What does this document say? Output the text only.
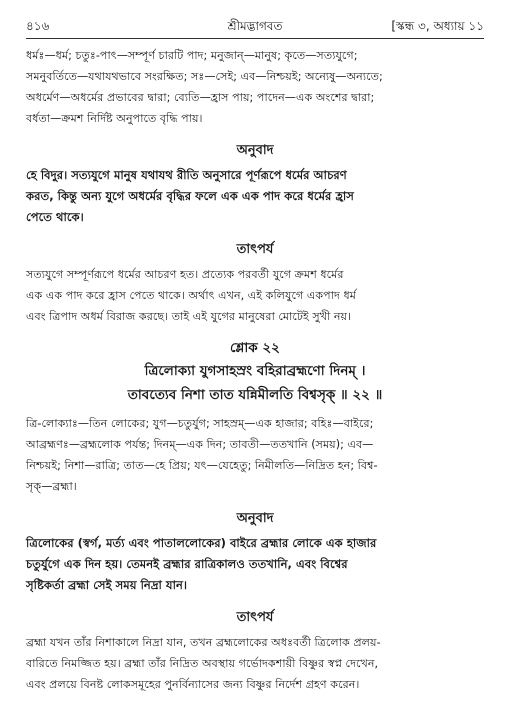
৪১৬	শ্রীমদ্ভাগবত	[স্কন্ধ ৩, অধ্যায় ১১

ধর্মঃ—ধর্ম; চতুঃ-পাৎ—সম্পূর্ণ চারটি পাদ; মনুজান্—মানুষ; কৃতে—সত্যযুগে;

সমনুবর্তিতে—যথাযথভাবে সংরক্ষিত; সঃ—সেই; এব—নিশ্চয়ই; অন্যেষু—অন্যতে;

অধর্মেণ—অধর্মের প্রভাবের দ্বারা; ব্যেতি—হ্রাস পায়; পাদেন—এক অংশের দ্বারা;

বর্ধতা—ক্রমশ নির্দিষ্ট অনুপাতে বৃদ্ধি পায়।

অনুবাদ

হে বিদুর। সত্যযুগে মানুষ যথাযথ রীতি অনুসারে পূর্ণরূপে ধর্মের আচরণ

করত, কিন্তু অন্য যুগে অধর্মের বৃদ্ধির ফলে এক এক পাদ করে ধর্মের হ্রাস

পেতে থাকে।

তাৎপর্য

সত্যযুগে সম্পূর্ণরূপে ধর্মের আচরণ হত। প্রত্যেক পরবর্তী যুগে ক্রমশ ধর্মের

এক এক পাদ করে হ্রাস পেতে থাকে। অর্থাৎ এখন, এই কলিযুগে একপাদ ধর্ম

এবং ত্রিপাদ অধর্ম বিরাজ করছে। তাই এই যুগের মানুষেরা মোটেই সুখী নয়।

শ্লোক ২২
ত্রিলোক্যা যুগসাহস্রং বহিরাব্রহ্মণো দিনম্ ।
তাবত্যেব নিশা তাত যন্নিমীলতি বিশ্বসৃক্ ॥ ২২ ॥

ত্রি-লোক্যাঃ—তিন লোকের; যুগ—চতুর্যুগ; সাহস্রম্—এক হাজার; বহিঃ—বাইরে;

আব্রহ্মণঃ—ব্রহ্মলোক পর্যন্ত; দিনম্—এক দিন; তাবতী—ততখানি (সময়); এব—

নিশ্চয়ই; নিশা—রাত্রি; তাত—হে প্রিয়; যৎ—যেহেতু; নিমীলতি—নিদ্রিত হন; বিশ্ব-

সৃক্—ব্রহ্মা।

অনুবাদ

ত্রিলোকের (স্বর্গ, মর্ত্য এবং পাতাললোকের) বাইরে ব্রহ্মার লোকে এক হাজার

চতুর্যুগে এক দিন হয়। তেমনই ব্রহ্মার রাত্রিকালও ততখানি, এবং বিশ্বের

সৃষ্টিকর্তা ব্রহ্মা সেই সময় নিদ্রা যান।

তাৎপর্য

ব্রহ্মা যখন তাঁর নিশাকালে নিদ্রা যান, তখন ব্রহ্মলোকের অধঃবর্তী ত্রিলোক প্রলয়-

বারিতে নিমজ্জিত হয়। ব্রহ্মা তাঁর নিদ্রিত অবস্থায় গর্ভোদকশায়ী বিষ্ণুর স্বপ্ন দেখেন,

এবং প্রলয়ে বিনষ্ট লোকসমূহের পুনর্বিন্যাসের জন্য বিষ্ণুর নির্দেশ গ্রহণ করেন।
